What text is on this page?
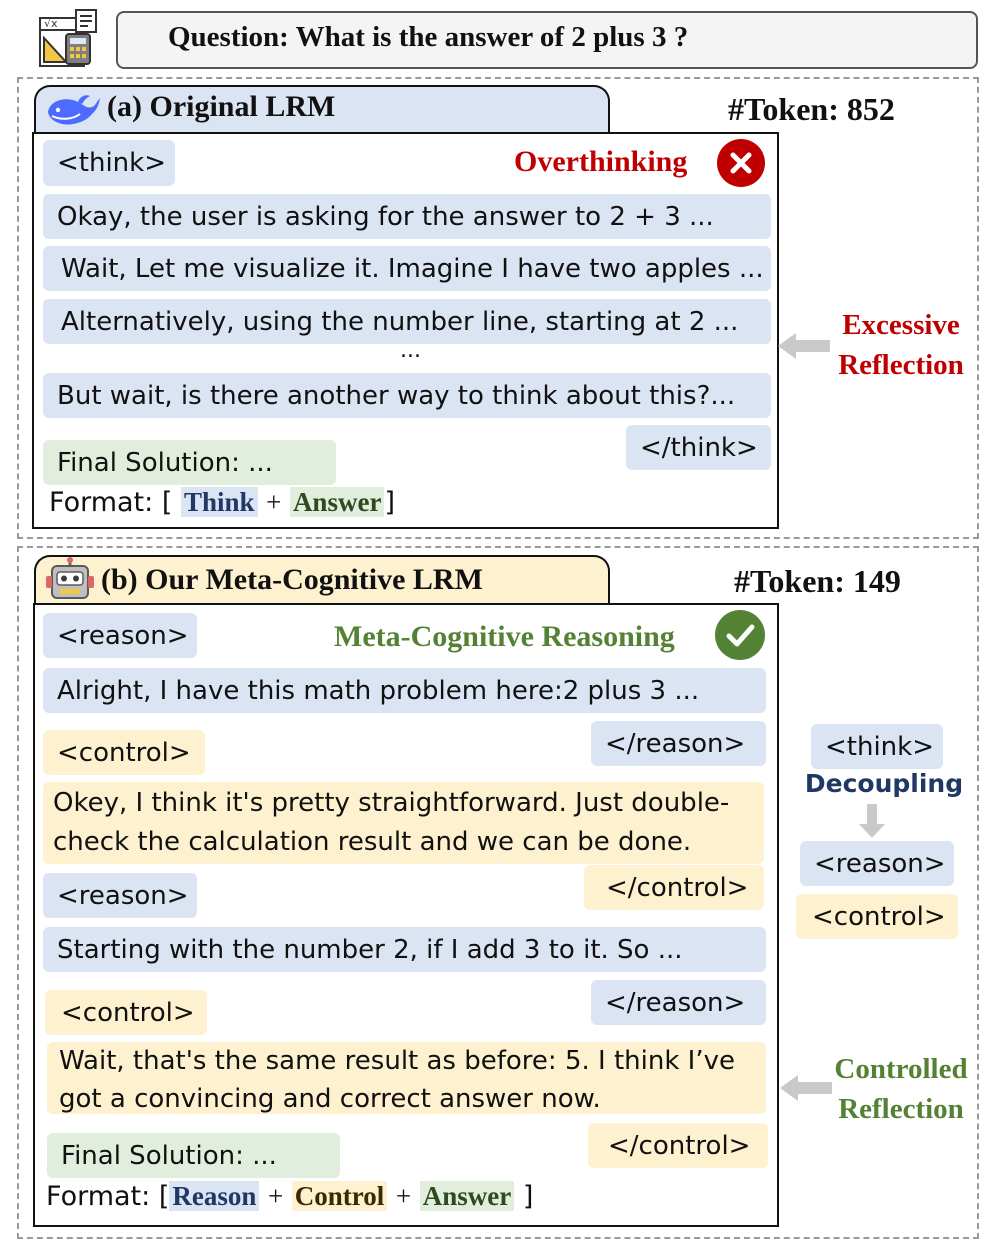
√x	Question: What is the answer of 2 plus 3 ?
(a) Original LRM	#Token: 852
<think>	Overthinking
Okay, the user is asking for the answer to 2 + 3 ...
Wait, Let me visualize it. Imagine I have two apples ...
Alternatively, using the number line, starting at 2 ...
...
But wait, is there another way to think about this?...
</think>
Final Solution: ...
Format: [ Think + Answer ]
Excessive
Reflection
(b) Our Meta-Cognitive LRM	#Token: 149
<reason>	Meta-Cognitive Reasoning
Alright, I have this math problem here:2 plus 3 ...
</reason>
<control>
Okey, I think it's pretty straightforward. Just double-check the calculation result and we can be done.
</control>
<reason>
Starting with the number 2, if I add 3 to it. So ...
</reason>
<control>
Wait, that's the same result as before: 5. I think I’ve got a convincing and correct answer now.
</control>
Final Solution: ...
Format: [ Reason + Control + Answer ]
<think>
Decoupling
<reason>
<control>
Controlled
Reflection
